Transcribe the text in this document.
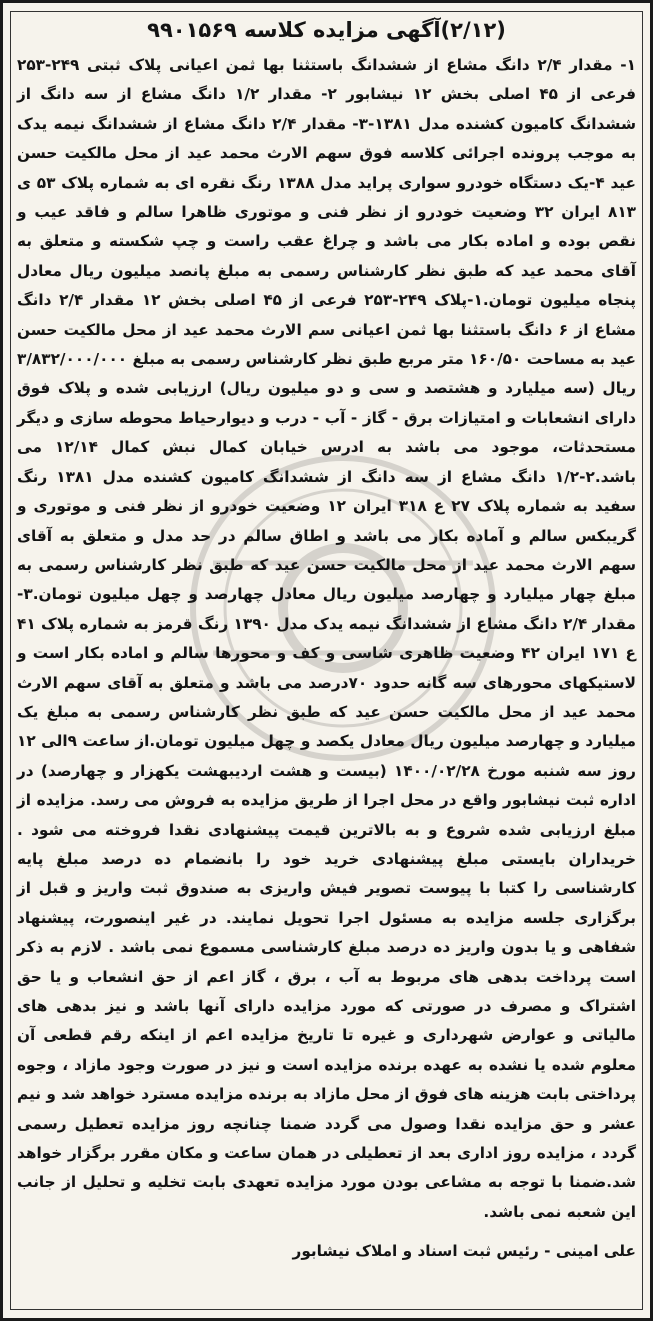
(۲/۱۲)آگهی مزایده کلاسه ۹۹۰۱۵۶۹

۱- مقدار ۲/۴ دانگ مشاع از ششدانگ باستثنا بها ثمن اعیانی پلاک ثبتی ۲۴۹-۲۵۳ فرعی از ۴۵ اصلی بخش ۱۲ نیشابور ۲- مقدار ۱/۲ دانگ مشاع از سه دانگ از ششدانگ کامیون کشنده مدل ۱۳۸۱-۳- مقدار ۲/۴ دانگ مشاع از ششدانگ نیمه یدک به موجب پرونده اجرائی کلاسه فوق سهم الارث محمد عید از محل مالکیت حسن عید ۴-یک دستگاه خودرو سواری پراید مدل ۱۳۸۸ رنگ نقره ای به شماره پلاک ۵۳ ی ۸۱۳ ایران ۳۲ وضعیت خودرو از نظر فنی و موتوری ظاهرا سالم و فاقد عیب و نقص بوده و اماده بکار می باشد و چراغ عقب راست و چپ شکسته و متعلق به آقای محمد عید که طبق نظر کارشناس رسمی به مبلغ پانصد میلیون ریال معادل پنجاه میلیون تومان.۱-پلاک ۲۴۹-۲۵۳ فرعی از ۴۵ اصلی بخش ۱۲ مقدار ۲/۴ دانگ مشاع از ۶ دانگ باستثنا بها ثمن اعیانی سم الارث محمد عید از محل مالکیت حسن عید به مساحت ۱۶۰/۵۰ متر مربع طبق نظر کارشناس رسمی به مبلغ ۳/۸۳۲/۰۰۰/۰۰۰ ریال (سه میلیارد و هشتصد و سی و دو میلیون ریال) ارزیابی شده و پلاک فوق دارای انشعابات و امتیازات برق - گاز - آب - درب و دیوارحیاط محوطه سازی و دیگر مستحدثات، موجود می باشد به ادرس خیابان کمال نبش کمال ۱۲/۱۴ می باشد.۲-۱/۲ دانگ مشاع از سه دانگ از ششدانگ کامیون کشنده مدل ۱۳۸۱ رنگ سفید به شماره پلاک ۲۷ ع ۳۱۸ ایران ۱۲ وضعیت خودرو از نظر فنی و موتوری و گریبکس سالم و آماده بکار می باشد و اطاق سالم در حد مدل و متعلق به آقای سهم الارث محمد عید از محل مالکیت حسن عید که طبق نظر کارشناس رسمی به مبلغ چهار میلیارد و چهارصد میلیون ریال معادل چهارصد و چهل میلیون تومان.۳-مقدار ۲/۴ دانگ مشاع از ششدانگ نیمه یدک مدل ۱۳۹۰ رنگ قرمز به شماره پلاک ۴۱ ع ۱۷۱ ایران ۴۲ وضعیت ظاهری شاسی و کف و محورها سالم و اماده بکار است و لاستیکهای محورهای سه گانه حدود ۷۰درصد می باشد و متعلق به آقای سهم الارث محمد عید از محل مالکیت حسن عید که طبق نظر کارشناس رسمی به مبلغ یک میلیارد و چهارصد میلیون ریال معادل یکصد و چهل میلیون تومان.از ساعت ۹الی ۱۲ روز سه شنبه مورخ ۱۴۰۰/۰۲/۲۸ (بیست و هشت اردیبهشت یکهزار و چهارصد) در اداره ثبت نیشابور واقع در محل اجرا از طریق مزایده به فروش می رسد. مزایده از مبلغ ارزیابی شده شروع و به بالاترین قیمت پیشنهادی نقدا فروخته می شود . خریداران بایستی مبلغ پیشنهادی خرید خود را بانضمام ده درصد مبلغ پایه کارشناسی را کتبا با پیوست تصویر فیش واریزی به صندوق ثبت واریز و قبل از برگزاری جلسه مزایده به مسئول اجرا تحویل نمایند. در غیر اینصورت، پیشنهاد شفاهی و یا بدون واریز ده درصد مبلغ کارشناسی مسموع نمی باشد . لازم به ذکر است پرداخت بدهی های مربوط به آب ، برق ، گاز اعم از حق انشعاب و یا حق اشتراک و مصرف در صورتی که مورد مزایده دارای آنها باشد و نیز بدهی های مالیاتی و عوارض شهرداری و غیره تا تاریخ مزایده اعم از اینکه رقم قطعی آن معلوم شده یا نشده به عهده برنده مزایده است و نیز در صورت وجود مازاد ، وجوه پرداختی بابت هزینه های فوق از محل مازاد به برنده مزایده مسترد خواهد شد و نیم عشر و حق مزایده نقدا وصول می گردد ضمنا چنانچه روز مزایده تعطیل رسمی گردد ، مزایده روز اداری بعد از تعطیلی در همان ساعت و مکان مقرر برگزار خواهد شد.ضمنا با توجه به مشاعی بودن مورد مزایده تعهدی بابت تخلیه و تحلیل از جانب این شعبه نمی باشد.

علی امینی - رئیس ثبت اسناد و املاک نیشابور
